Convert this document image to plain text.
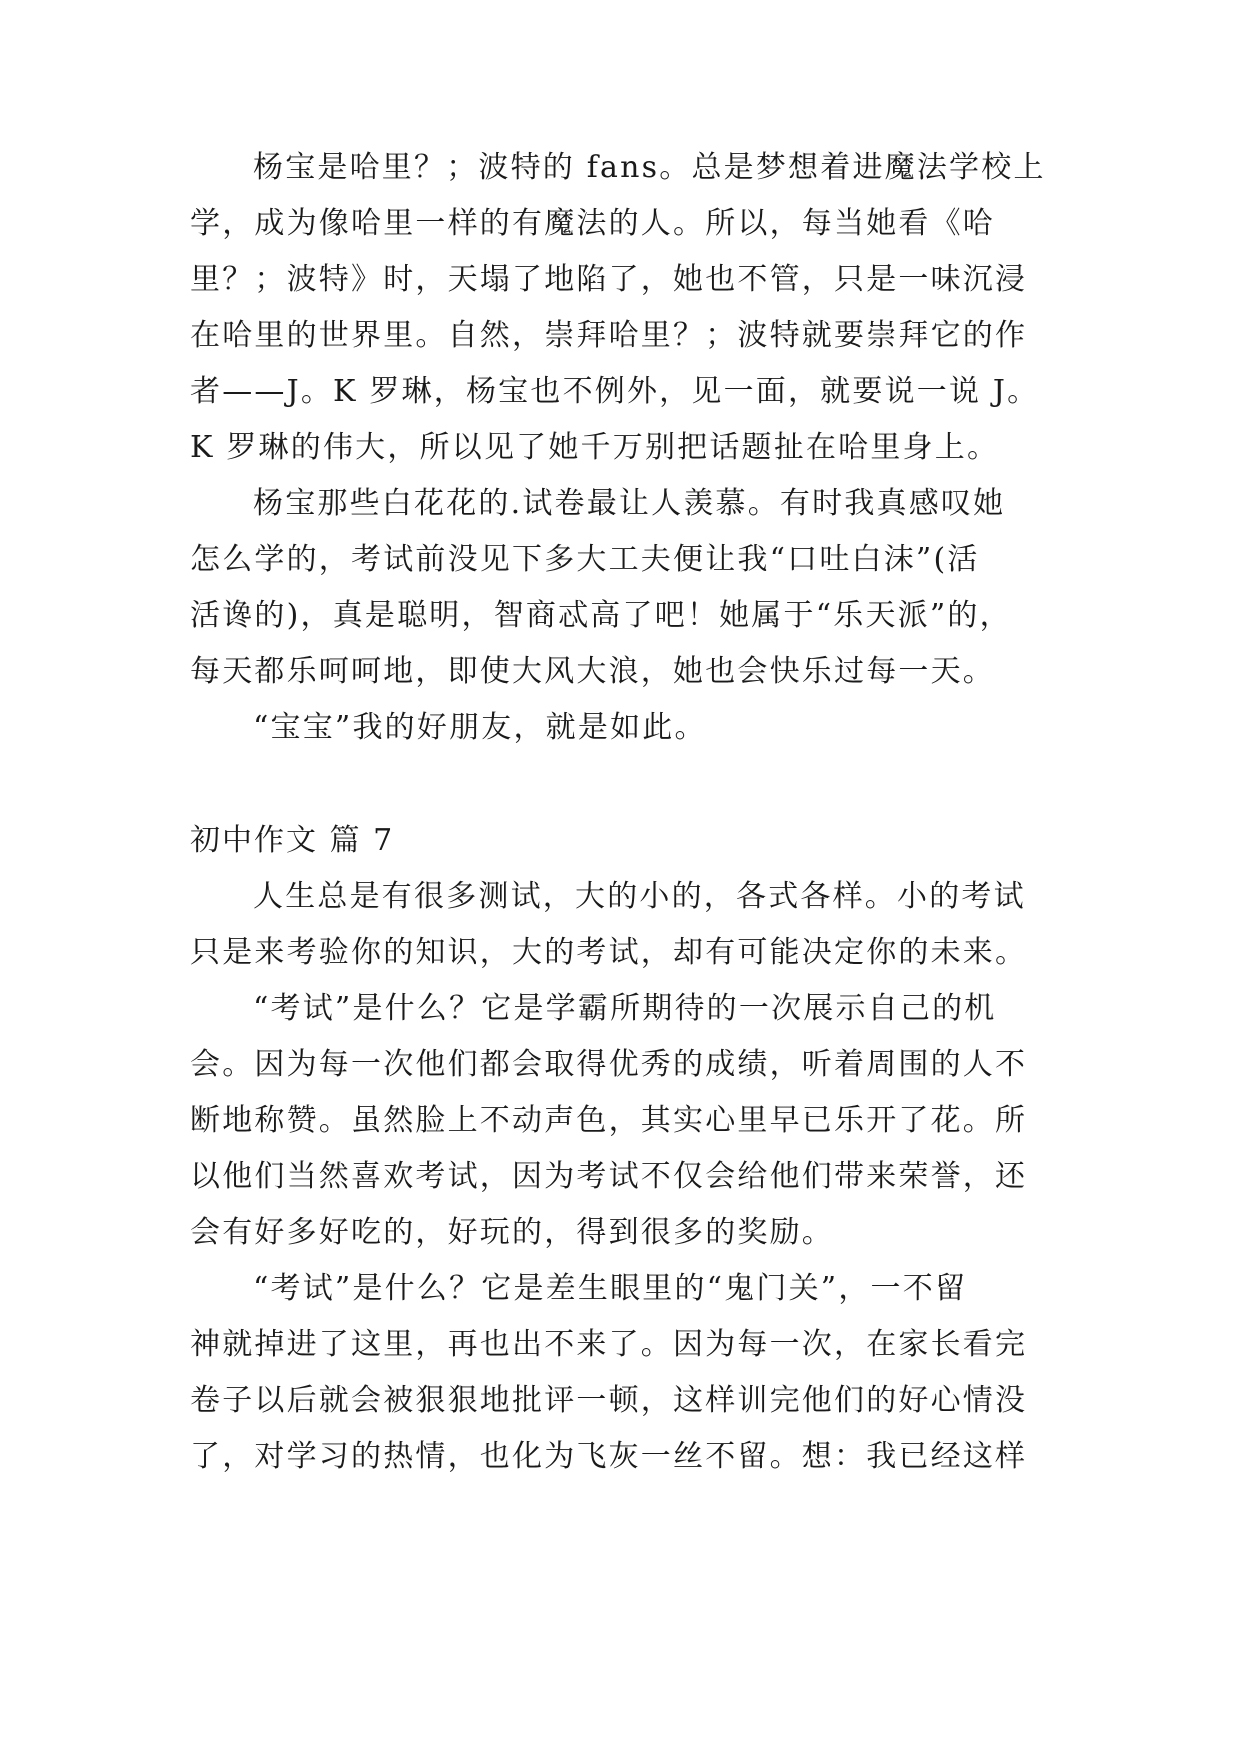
杨宝是哈里？；波特的 fans。总是梦想着进魔法学校上
学，成为像哈里一样的有魔法的人。所以，每当她看《哈
里？；波特》时，天塌了地陷了，她也不管，只是一味沉浸
在哈里的世界里。自然，崇拜哈里？；波特就要崇拜它的作
者——J。K 罗琳，杨宝也不例外，见一面，就要说一说 J。
K 罗琳的伟大，所以见了她千万别把话题扯在哈里身上。
杨宝那些白花花的.试卷最让人羡慕。有时我真感叹她
怎么学的，考试前没见下多大工夫便让我“口吐白沫”(活
活谗的)，真是聪明，智商忒高了吧！她属于“乐天派”的，
每天都乐呵呵地，即使大风大浪，她也会快乐过每一天。
“宝宝”我的好朋友，就是如此。
初中作文 篇 7
人生总是有很多测试，大的小的，各式各样。小的考试
只是来考验你的知识，大的考试，却有可能决定你的未来。
“考试”是什么？它是学霸所期待的一次展示自己的机
会。因为每一次他们都会取得优秀的成绩，听着周围的人不
断地称赞。虽然脸上不动声色，其实心里早已乐开了花。所
以他们当然喜欢考试，因为考试不仅会给他们带来荣誉，还
会有好多好吃的，好玩的，得到很多的奖励。
“考试”是什么？它是差生眼里的“鬼门关”，一不留
神就掉进了这里，再也出不来了。因为每一次，在家长看完
卷子以后就会被狠狠地批评一顿，这样训完他们的好心情没
了，对学习的热情，也化为飞灰一丝不留。想：我已经这样
